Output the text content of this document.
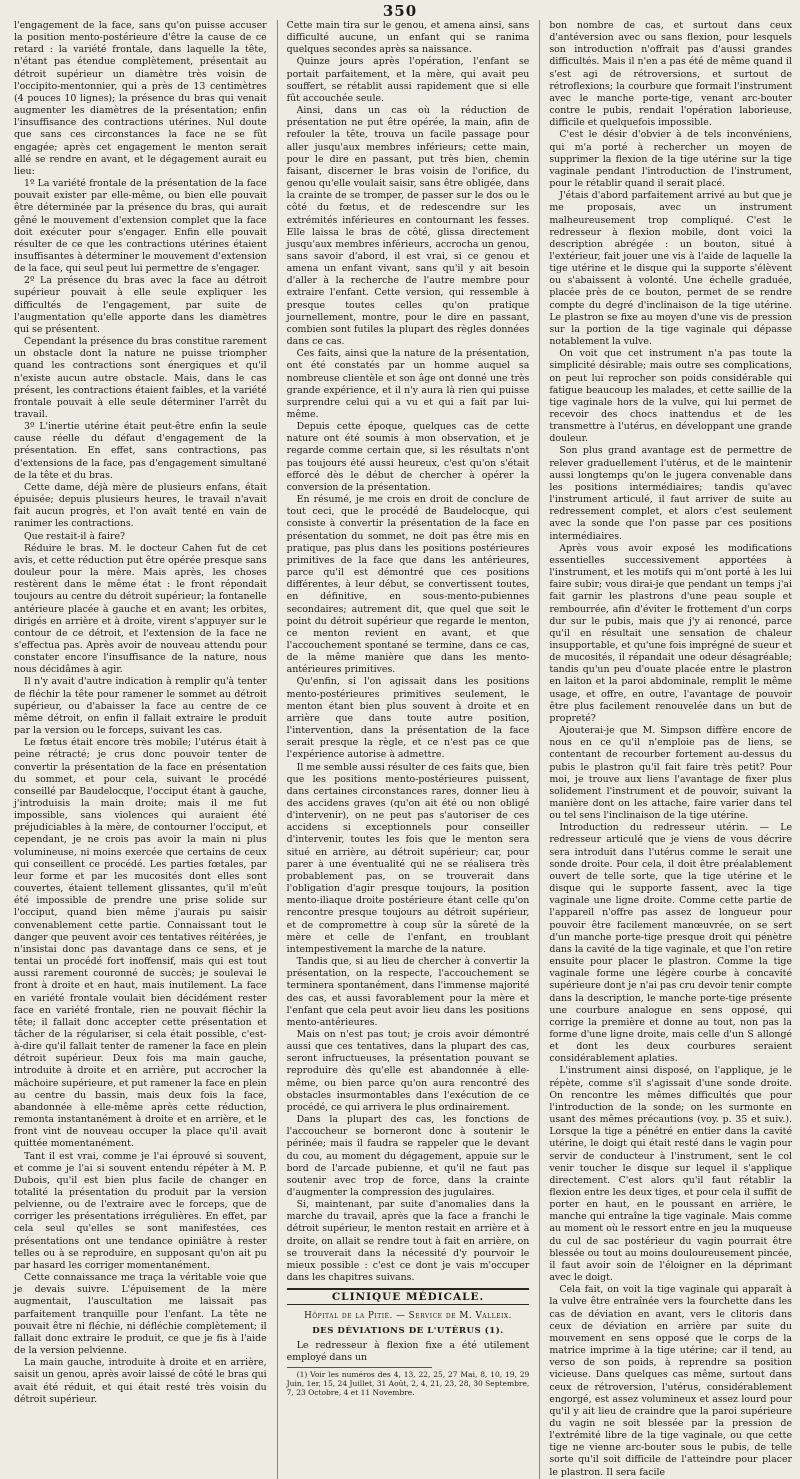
350

l'engagement de la face, sans qu'on puisse accuser la position mento-postérieure d'être la cause de ce retard : la variété frontale, dans laquelle la tête, n'étant pas étendue complètement, présentait au détroit supérieur un diamètre très voisin de l'occipito-mentonnier, qui a près de 13 centimètres (4 pouces 10 lignes); la présence du bras qui venait augmenter les diamètres de la présentation; enfin l'insuffisance des contractions utérines. Nul doute que sans ces circonstances la face ne se fût engagée; après cet engagement le menton serait allé se rendre en avant, et le dégagement aurait eu lieu:

1º La variété frontale de la présentation de la face pouvait exister par elle-même, ou bien elle pouvait être déterminée par la présence du bras, qui aurait gêné le mouvement d'extension complet que la face doit exécuter pour s'engager. Enfin elle pouvait résulter de ce que les contractions utérines étaient insuffisantes à déterminer le mouvement d'extension de la face, qui seul peut lui permettre de s'engager.

2º La présence du bras avec la face au détroit supérieur pouvait à elle seule expliquer les difficultés de l'engagement, par suite de l'augmentation qu'elle apporte dans les diamètres qui se présentent.

Cependant la présence du bras constitue rarement un obstacle dont la nature ne puisse triompher quand les contractions sont énergiques et qu'il n'existe aucun autre obstacle. Mais, dans le cas présent, les contractions étaient faibles, et la variété frontale pouvait à elle seule déterminer l'arrêt du travail.

3º L'inertie utérine était peut-être enfin la seule cause réelle du défaut d'engagement de la présentation. En effet, sans contractions, pas d'extensions de la face, pas d'engagement simultané de la tête et du bras.

Cette dame, déjà mère de plusieurs enfans, était épuisée; depuis plusieurs heures, le travail n'avait fait aucun progrès, et l'on avait tenté en vain de ranimer les contractions.

Que restait-il à faire?

Réduire le bras. M. le docteur Cahen fut de cet avis, et cette réduction put être opérée presque sans douleur pour la mère. Mais après, les choses restèrent dans le même état : le front répondait toujours au centre du détroit supérieur; la fontanelle antérieure placée à gauche et en avant; les orbites, dirigés en arrière et à droite, virent s'appuyer sur le contour de ce détroit, et l'extension de la face ne s'effectua pas. Après avoir de nouveau attendu pour constater encore l'insuffisance de la nature, nous nous décidâmes à agir.

Il n'y avait d'autre indication à remplir qu'à tenter de fléchir la tête pour ramener le sommet au détroit supérieur, ou d'abaisser la face au centre de ce même détroit, on enfin il fallait extraire le produit par la version ou le forceps, suivant les cas.

Le fœtus était encore très mobile; l'utérus était à peine rétracté; je crus donc pouvoir tenter de convertir la présentation de la face en présentation du sommet, et pour cela, suivant le procédé conseillé par Baudelocque, l'occiput étant à gauche, j'introduisis la main droite; mais il me fut impossible, sans violences qui auraient été préjudiciables à la mère, de contourner l'occiput, et cependant, je ne crois pas avoir la main ni plus volumineuse, ni moins exercée que certains de ceux qui conseillent ce procédé. Les parties fœtales, par leur forme et par les mucosités dont elles sont couvertes, étaient tellement glissantes, qu'il m'eût été impossible de prendre une prise solide sur l'occiput, quand bien même j'aurais pu saisir convenablement cette partie. Connaissant tout le danger que peuvent avoir ces tentatives réitérées, je n'insistai donc pas davantage dans ce sens, et je tentai un procédé fort inoffensif, mais qui est tout aussi rarement couronné de succès; je soulevai le front à droite et en haut, mais inutilement. La face en variété frontale voulait bien décidément rester face en variété frontale, rien ne pouvait fléchir la tête; il fallait donc accepter cette présentation et tâcher de la régulariser, si cela était possible, c'est-à-dire qu'il fallait tenter de ramener la face en plein détroit supérieur. Deux fois ma main gauche, introduite à droite et en arrière, put accrocher la mâchoire supérieure, et put ramener la face en plein au centre du bassin, mais deux fois la face, abandonnée à elle-même après cette réduction, remonta instantanément à droite et en arrière, et le front vint de nouveau occuper la place qu'il avait quittée momentanément.

Tant il est vrai, comme je l'ai éprouvé si souvent, et comme je l'ai si souvent entendu répéter à M. P. Dubois, qu'il est bien plus facile de changer en totalité la présentation du produit par la version pelvienne, ou de l'extraire avec le forceps, que de corriger les présentations irrégulières. En effet, par cela seul qu'elles se sont manifestées, ces présentations ont une tendance opiniâtre à rester telles ou à se reproduire, en supposant qu'on ait pu par hasard les corriger momentanément.

Cette connaissance me traça la véritable voie que je devais suivre. L'épuisement de la mère augmentait, l'auscultation me laissait pas parfaitement tranquille pour l'enfant. La tête ne pouvait être ni fléchie, ni défléchie complètement; il fallait donc extraire le produit, ce que je fis à l'aide de la version pelvienne.

La main gauche, introduite à droite et en arrière, saisit un genou, après avoir laissé de côté le bras qui avait été réduit, et qui était resté très voisin du détroit supérieur.

Cette main tira sur le genou, et amena ainsi, sans difficulté aucune, un enfant qui se ranima quelques secondes après sa naissance.

Quinze jours après l'opération, l'enfant se portait parfaitement, et la mère, qui avait peu souffert, se rétablit aussi rapidement que si elle fût accouchée seule.

Ainsi, dans un cas où la réduction de présentation ne put être opérée, la main, afin de refouler la tête, trouva un facile passage pour aller jusqu'aux membres inférieurs; cette main, pour le dire en passant, put très bien, chemin faisant, discerner le bras voisin de l'orifice, du genou qu'elle voulait saisir, sans être obligée, dans la crainte de se tromper, de passer sur le dos ou le côté du fœtus, et de redescendre sur les extrémités inférieures en contournant les fesses. Elle laissa le bras de côté, glissa directement jusqu'aux membres inférieurs, accrocha un genou, sans savoir d'abord, il est vrai, si ce genou et amena un enfant vivant, sans qu'il y ait besoin d'aller à la recherche de l'autre membre pour extraire l'enfant. Cette version, qui ressemble à presque toutes celles qu'on pratique journellement, montre, pour le dire en passant, combien sont futiles la plupart des règles données dans ce cas.

Ces faits, ainsi que la nature de la présentation, ont été constatés par un homme auquel sa nombreuse clientèle et son âge ont donné une très grande expérience, et il n'y aura là rien qui puisse surprendre celui qui a vu et qui a fait par lui-même.

Depuis cette époque, quelques cas de cette nature ont été soumis à mon observation, et je regarde comme certain que, si les résultats n'ont pas toujours été aussi heureux, c'est qu'on s'était efforcé dès le début de chercher à opérer la conversion de la présentation.

En résumé, je me crois en droit de conclure de tout ceci, que le procédé de Baudelocque, qui consiste à convertir la présentation de la face en présentation du sommet, ne doit pas être mis en pratique, pas plus dans les positions postérieures primitives de la face que dans les antérieures, parce qu'il est démontré que ces positions différentes, à leur début, se convertissent toutes, en définitive, en sous-mento-pubiennes secondaires; autrement dit, que quel que soit le point du détroit supérieur que regarde le menton, ce menton revient en avant, et que l'accouchement spontané se termine, dans ce cas, de la même manière que dans les mento-antérieures primitives.

Qu'enfin, si l'on agissait dans les positions mento-postérieures primitives seulement, le menton étant bien plus souvent à droite et en arrière que dans toute autre position, l'intervention, dans la présentation de la face serait presque la règle, et ce n'est pas ce que l'expérience autorise à admettre.

Il me semble aussi résulter de ces faits que, bien que les positions mento-postérieures puissent, dans certaines circonstances rares, donner lieu à des accidens graves (qu'on ait été ou non obligé d'intervenir), on ne peut pas s'autoriser de ces accidens si exceptionnels pour conseiller d'intervenir, toutes les fois que le menton sera situé en arrière, au détroit supérieur; car, pour parer à une éventualité qui ne se réalisera très probablement pas, on se trouverait dans l'obligation d'agir presque toujours, la position mento-iliaque droite postérieure étant celle qu'on rencontre presque toujours au détroit supérieur, et de compromettre à coup sûr la sûreté de la mère et celle de l'enfant, en troublant intempestivement la marche de la nature.

Tandis que, si au lieu de chercher à convertir la présentation, on la respecte, l'accouchement se terminera spontanément, dans l'immense majorité des cas, et aussi favorablement pour la mère et l'enfant que cela peut avoir lieu dans les positions mento-antérieures.

Mais on n'est pas tout; je crois avoir démontré aussi que ces tentatives, dans la plupart des cas, seront infructueuses, la présentation pouvant se reproduire dès qu'elle est abandonnée à elle-même, ou bien parce qu'on aura rencontré des obstacles insurmontables dans l'exécution de ce procédé, ce qui arrivera le plus ordinairement.

Dans la plupart des cas, les fonctions de l'accoucheur se borneront donc à soutenir le périnée; mais il faudra se rappeler que le devant du cou, au moment du dégagement, appuie sur le bord de l'arcade pubienne, et qu'il ne faut pas soutenir avec trop de force, dans la crainte d'augmenter la compression des jugulaires.

Si, maintenant, par suite d'anomalies dans la marche du travail, après que la face a franchi le détroit supérieur, le menton restait en arrière et à droite, on allait se rendre tout à fait en arrière, on se trouverait dans la nécessité d'y pourvoir le mieux possible : c'est ce dont je vais m'occuper dans les chapitres suivans.

CLINIQUE MÉDICALE.
Hôpital de la Pitié. — Service de M. Valleix.
DES DÉVIATIONS DE L'UTÉRUS (1).

Le redresseur à flexion fixe a été utilement employé dans un

(1) Voir les numéros des 4, 13, 22, 25, 27 Mai, 8, 10, 19, 29 Juin, 1er, 15, 24 Juillet, 31 Août, 2, 4, 21, 23, 28, 30 Septembre, 7, 23 Octobre, 4 et 11 Novembre.

bon nombre de cas, et surtout dans ceux d'antéversion avec ou sans flexion, pour lesquels son introduction n'offrait pas d'aussi grandes difficultés. Mais il n'en a pas été de même quand il s'est agi de rétroversions, et surtout de rétroflexions; la courbure que formait l'instrument avec le manche porte-tige, venant arc-bouter contre le pubis, rendait l'opération laborieuse, difficile et quelquefois impossible.

C'est le désir d'obvier à de tels inconvéniens, qui m'a porté à rechercher un moyen de supprimer la flexion de la tige utérine sur la tige vaginale pendant l'introduction de l'instrument, pour le rétablir quand il serait placé.

J'étais d'abord parfaitement arrivé au but que je me proposais, avec un instrument malheureusement trop compliqué. C'est le redresseur à flexion mobile, dont voici la description abrégée : un bouton, situé à l'extérieur, fait jouer une vis à l'aide de laquelle la tige utérine et le disque qui la supporte s'élèvent ou s'abaissent à volonté. Une échelle graduée, placée près de ce bouton, permet de se rendre compte du degré d'inclinaison de la tige utérine. Le plastron se fixe au moyen d'une vis de pression sur la portion de la tige vaginale qui dépasse notablement la vulve.

On voit que cet instrument n'a pas toute la simplicité désirable; mais outre ses complications, on peut lui reprocher son poids considérable qui fatigue beaucoup les malades, et cette saillie de la tige vaginale hors de la vulve, qui lui permet de recevoir des chocs inattendus et de les transmettre à l'utérus, en développant une grande douleur.

Son plus grand avantage est de permettre de relever graduellement l'utérus, et de le maintenir aussi longtemps qu'on le jugera convenable dans les positions intermédiaires; tandis qu'avec l'instrument articulé, il faut arriver de suite au redressement complet, et alors c'est seulement avec la sonde que l'on passe par ces positions intermédiaires.

Après vous avoir exposé les modifications essentielles successivement apportées à l'instrument, et les motifs qui m'ont porté à les lui faire subir; vous dirai-je que pendant un temps j'ai fait garnir les plastrons d'une peau souple et rembourrée, afin d'éviter le frottement d'un corps dur sur le pubis, mais que j'y ai renoncé, parce qu'il en résultait une sensation de chaleur insupportable, et qu'une fois imprégné de sueur et de mucosités, il répandait une odeur désagréable; tandis qu'un peu d'ouate placée entre le plastron en laiton et la paroi abdominale, remplit le même usage, et offre, en outre, l'avantage de pouvoir être plus facilement renouvelée dans un but de propreté?

Ajouterai-je que M. Simpson diffère encore de nous en ce qu'il n'emploie pas de liens, se contentant de recourber fortement au-dessus du pubis le plastron qu'il fait faire très petit? Pour moi, je trouve aux liens l'avantage de fixer plus solidement l'instrument et de pouvoir, suivant la manière dont on les attache, faire varier dans tel ou tel sens l'inclinaison de la tige utérine.

Introduction du redresseur utérin. — Le redresseur articulé que je viens de vous décrire sera introduit dans l'utérus comme le serait une sonde droite. Pour cela, il doit être préalablement ouvert de telle sorte, que la tige utérine et le disque qui le supporte fassent, avec la tige vaginale une ligne droite. Comme cette partie de l'appareil n'offre pas assez de longueur pour pouvoir être facilement manœuvrée, on se sert d'un manche porte-tige presque droit qui pénètre dans la cavité de la tige vaginale, et que l'on retire ensuite pour placer le plastron. Comme la tige vaginale forme une légère courbe à concavité supérieure dont je n'ai pas cru devoir tenir compte dans la description, le manche porte-tige présente une courbure analogue en sens opposé, qui corrige la première et donne au tout, non pas la forme d'une ligne droite, mais celle d'un S allongé et dont les deux courbures seraient considérablement aplaties.

L'instrument ainsi disposé, on l'applique, je le répète, comme s'il s'agissait d'une sonde droite. On rencontre les mêmes difficultés que pour l'introduction de la sonde; on les surmonte en usant des mêmes précautions (voy. p. 35 et suiv.). Lorsque la tige a pénétré en entier dans la cavité utérine, le doigt qui était resté dans le vagin pour servir de conducteur à l'instrument, sent le col venir toucher le disque sur lequel il s'applique directement. C'est alors qu'il faut rétablir la flexion entre les deux tiges, et pour cela il suffit de porter en haut, en le poussant en arrière, le manche qui entraîne la tige vaginale. Mais comme au moment où le ressort entre en jeu la muqueuse du cul de sac postérieur du vagin pourrait être blessée ou tout au moins douloureusement pincée, il faut avoir soin de l'éloigner en la déprimant avec le doigt.

Cela fait, on voit la tige vaginale qui apparaît à la vulve être entraînée vers la fourchette dans les cas de déviation en avant, vers le clitoris dans ceux de déviation en arrière par suite du mouvement en sens opposé que le corps de la matrice imprime à la tige utérine; car il tend, au verso de son poids, à reprendre sa position vicieuse. Dans quelques cas même, surtout dans ceux de rétroversion, l'utérus, considérablement engorgé, est assez volumineux et assez lourd pour qu'il y ait lieu de craindre que la paroi supérieure du vagin ne soit blessée par la pression de l'extrémité libre de la tige vaginale, ou que cette tige ne vienne arc-bouter sous le pubis, de telle sorte qu'il soit difficile de l'atteindre pour placer le plastron. Il sera facile
